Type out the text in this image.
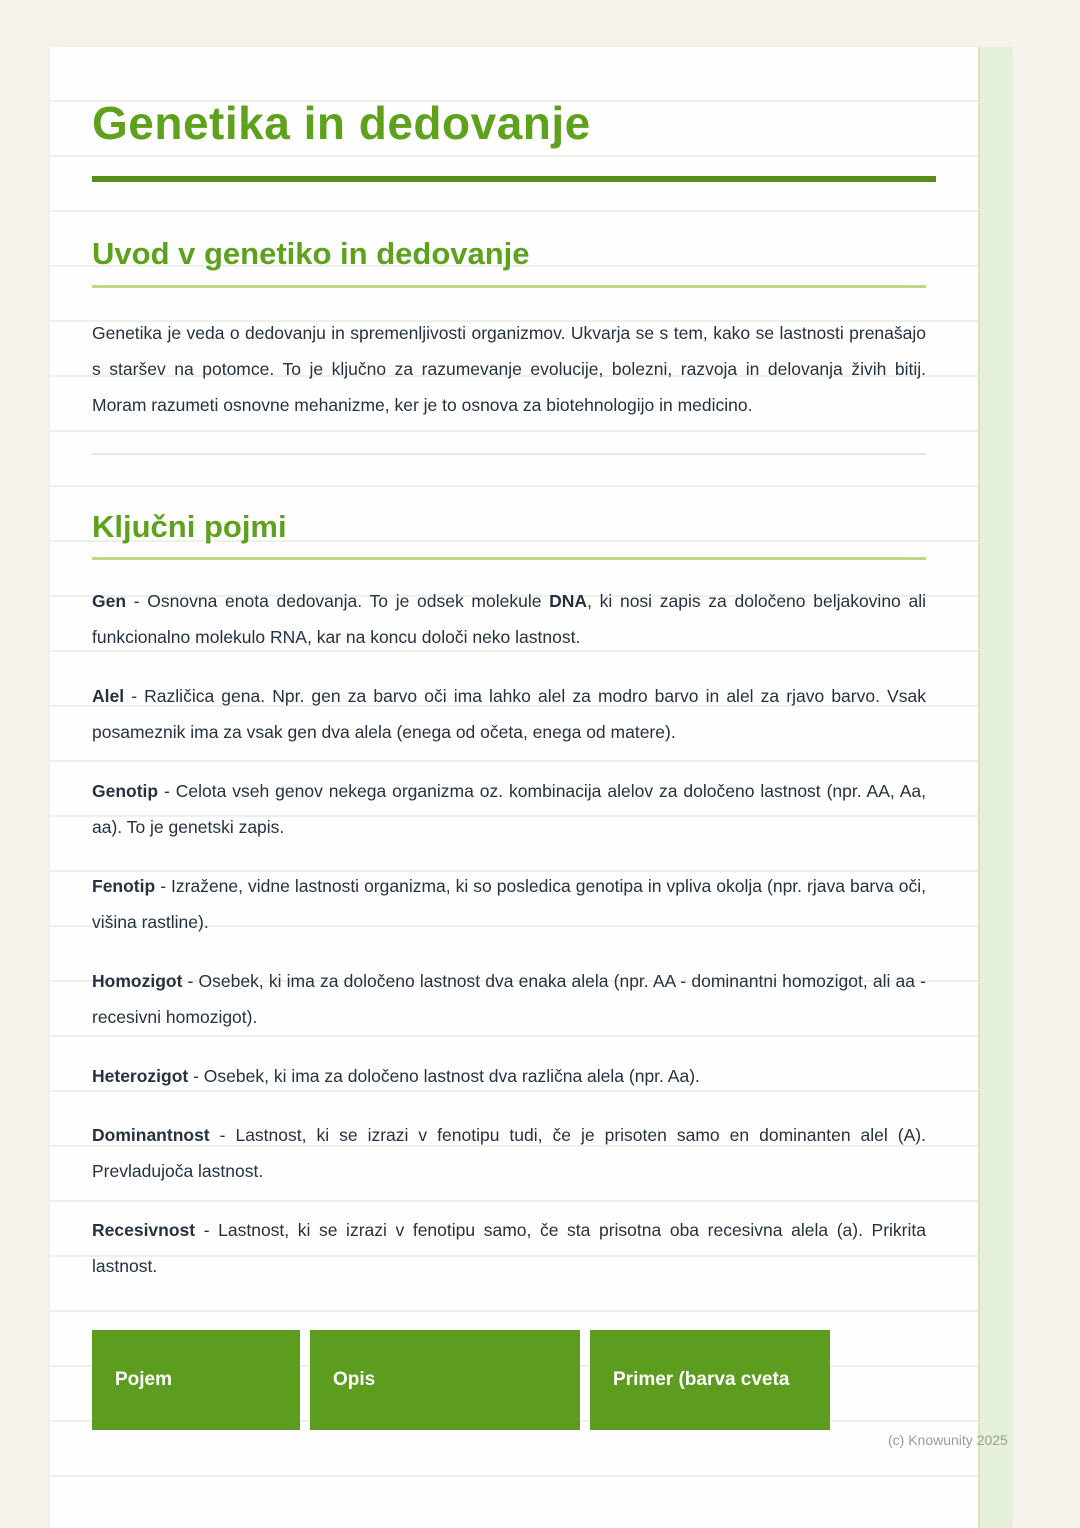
Genetika in dedovanje
Uvod v genetiko in dedovanje

Genetika je veda o dedovanju in spremenljivosti organizmov. Ukvarja se s tem, kako se lastnosti prenašajo s staršev na potomce. To je ključno za razumevanje evolucije, bolezni, razvoja in delovanja živih bitij. Moram razumeti osnovne mehanizme, ker je to osnova za biotehnologijo in medicino.

Ključni pojmi

Gen - Osnovna enota dedovanja. To je odsek molekule DNA, ki nosi zapis za določeno beljakovino ali funkcionalno molekulo RNA, kar na koncu določi neko lastnost.

Alel - Različica gena. Npr. gen za barvo oči ima lahko alel za modro barvo in alel za rjavo barvo. Vsak posameznik ima za vsak gen dva alela (enega od očeta, enega od matere).

Genotip - Celota vseh genov nekega organizma oz. kombinacija alelov za določeno lastnost (npr. AA, Aa, aa). To je genetski zapis.

Fenotip - Izražene, vidne lastnosti organizma, ki so posledica genotipa in vpliva okolja (npr. rjava barva oči, višina rastline).

Homozigot - Osebek, ki ima za določeno lastnost dva enaka alela (npr. AA - dominantni homozigot, ali aa - recesivni homozigot).

Heterozigot - Osebek, ki ima za določeno lastnost dva različna alela (npr. Aa).

Dominantnost - Lastnost, ki se izrazi v fenotipu tudi, če je prisoten samo en dominanten alel (A). Prevladujoča lastnost.

Recesivnost - Lastnost, ki se izrazi v fenotipu samo, če sta prisotna oba recesivna alela (a). Prikrita lastnost.

Pojem	Opis	Primer (barva cveta
(c) Knowunity 2025
